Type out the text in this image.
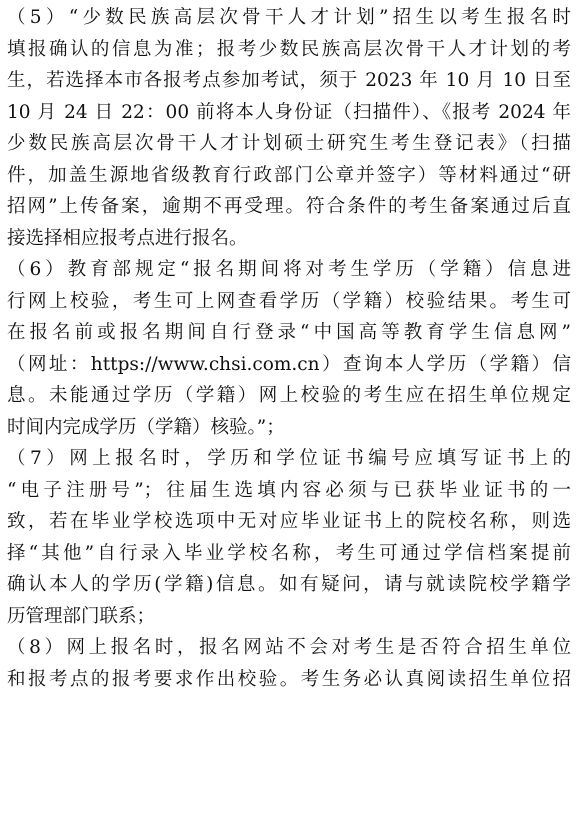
（5）“少数民族高层次骨干人才计划”招生以考生报名时
填报确认的信息为准；报考少数民族高层次骨干人才计划的考
生，若选择本市各报考点参加考试，须于 2023 年 10 月 10 日至
10 月 24 日 22：00 前将本人身份证（扫描件）、《报考 2024 年
少数民族高层次骨干人才计划硕士研究生考生登记表》（扫描
件，加盖生源地省级教育行政部门公章并签字）等材料通过“研
招网”上传备案，逾期不再受理。符合条件的考生备案通过后直
接选择相应报考点进行报名。
（6）教育部规定“报名期间将对考生学历（学籍）信息进
行网上校验，考生可上网查看学历（学籍）校验结果。考生可
在报名前或报名期间自行登录“中国高等教育学生信息网”
（网址：https://www.chsi.com.cn）查询本人学历（学籍）信
息。未能通过学历（学籍）网上校验的考生应在招生单位规定
时间内完成学历（学籍）核验。”；
（7）网上报名时，学历和学位证书编号应填写证书上的
“电子注册号”；往届生选填内容必须与已获毕业证书的一
致，若在毕业学校选项中无对应毕业证书上的院校名称，则选
择“其他”自行录入毕业学校名称，考生可通过学信档案提前
确认本人的学历(学籍)信息。如有疑问，请与就读院校学籍学
历管理部门联系；
（8）网上报名时，报名网站不会对考生是否符合招生单位
和报考点的报考要求作出校验。考生务必认真阅读招生单位招
